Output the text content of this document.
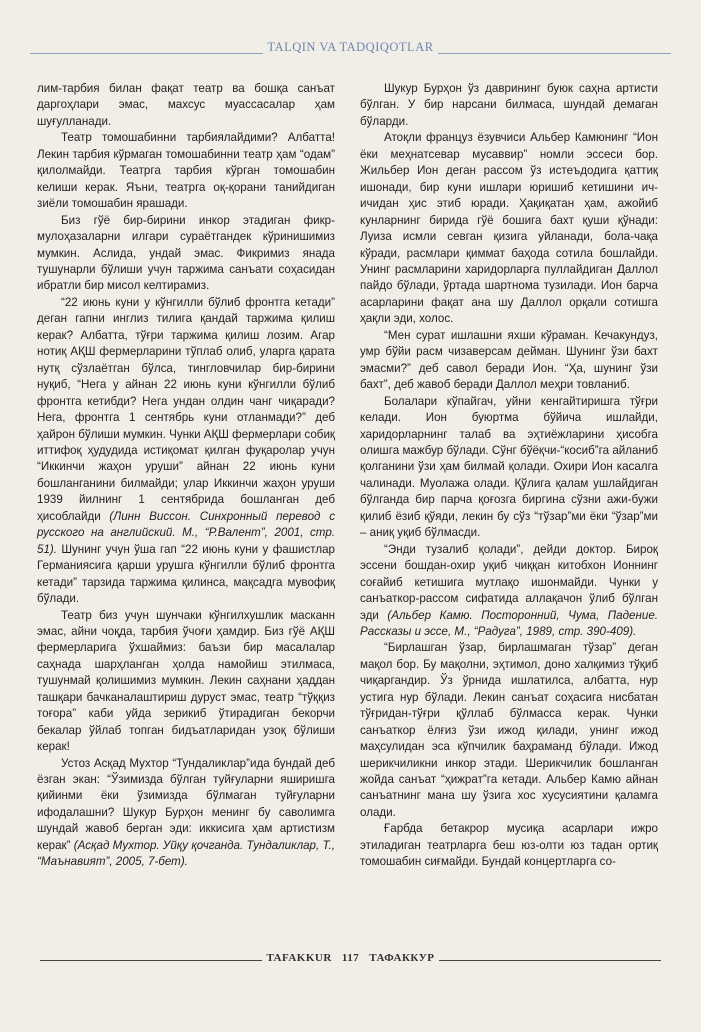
TALQIN VA TADQIQOTLAR

лим-тарбия билан фақат театр ва бошқа санъат даргоҳлари эмас, махсус муассасалар ҳам шуғулланади.

Театр томошабинни тарбиялайдими? Албатта! Лекин тарбия кўрмаган томошабинни театр ҳам “одам” қилолмайди. Театрга тарбия кўрган томошабин келиши керак. Яъни, театрга оқ-қорани танийдиган зиёли томошабин ярашади.

Биз гўё бир-бирини инкор этадиган фикр-мулоҳазаларни илгари сураётгандек кўринишимиз мумкин. Аслида, ундай эмас. Фикримиз янада тушунарли бўлиши учун таржима санъати соҳасидан ибратли бир мисол келтирамиз.

“22 июнь куни у кўнгилли бўлиб фронтга кетади” деган гапни инглиз тилига қандай таржима қилиш керак? Албатта, тўғри таржима қилиш лозим. Агар нотиқ АҚШ фермерларини тўплаб олиб, уларга қарата нутқ сўзлаётган бўлса, тингловчилар бир-бирини нуқиб, “Нега у айнан 22 июнь куни кўнгилли бўлиб фронтга кетибди? Нега ундан олдин чанг чиқаради? Нега, фронтга 1 сентябрь куни отланмади?” деб ҳайрон бўлиши мумкин. Чунки АҚШ фермерлари собиқ иттифоқ ҳудудида истиқомат қилган фуқаролар учун “Иккинчи жаҳон уруши” айнан 22 июнь куни бошланганини билмайди; улар Иккинчи жаҳон уруши 1939 йилнинг 1 сентябрида бошланган деб ҳисоблайди (Линн Виссон. Синхронный перевод с русского на английский. М., “Р.Валент”, 2001, стр. 51). Шунинг учун ўша гап “22 июнь куни у фашистлар Германиясига қарши урушга кўнгилли бўлиб фронтга кетади” тарзида таржима қилинса, мақсадга мувофиқ бўлади.

Театр биз учун шунчаки кўнгилхушлик масканн эмас, айни чоқда, тарбия ўчоғи ҳамдир. Биз гўё АҚШ фермерларига ўхшаймиз: баъзи бир масалалар саҳнада шарҳланган ҳолда намойиш этилмаса, тушунмай қолишимиз мумкин. Лекин саҳнани ҳаддан ташқари бачканалаштириш дуруст эмас, театр “тўққиз тоғора” каби уйда зерикиб ўтирадиган бекорчи бекалар ўйлаб топган бидъатларидан узоқ бўлиши керак!

Устоз Асқад Мухтор “Тундаликлар”ида бундай деб ёзган экан: “Ўзимизда бўлган туйғуларни яширишга қийинми ёки ўзимизда бўлмаган туйғуларни ифодалашни? Шукур Бурҳон менинг бу саволимга шундай жавоб берган эди: иккисига ҳам артистизм керак” (Асқад Мухтор. Уйқу қочганда. Тундаликлар, Т., “Маънавият”, 2005, 7-бет).

Шукур Бурҳон ўз даврининг буюк саҳна артисти бўлган. У бир нарсани билмаса, шундай демаган бўларди.

Атоқли француз ёзувчиси Альбер Камюнинг “Ион ёки меҳнатсевар мусаввир” номли эссеси бор. Жильбер Ион деган рассом ўз истеъдодига қаттиқ ишонади, бир куни ишлари юришиб кетишини ич-ичидан ҳис этиб юради. Ҳақиқатан ҳам, ажойиб кунларнинг бирида гўё бошига бахт қуши қўнади: Луиза исмли севган қизига уйланади, бола-чақа кўради, расмлари қиммат баҳода сотила бошлайди. Унинг расмларини харидорларга пуллайдиган Даллол пайдо бўлади, ўртада шартнома тузилади. Ион барча асарларини фақат ана шу Даллол орқали сотишга ҳақли эди, холос.

“Мен сурат ишлашни яхши кўраман. Кечакундуз, умр бўйи расм чизаверсам дейман. Шунинг ўзи бахт эмасми?” деб савол беради Ион. “Ҳа, шунинг ўзи бахт”, деб жавоб беради Даллол меҳри товланиб.

Болалари кўпайгач, уйни кенгайтиришга тўғри келади. Ион буюртма бўйича ишлайди, харидорларнинг талаб ва эҳтиёжларини ҳисобга олишга мажбур бўлади. Сўнг бўёқчи-“косиб”га айланиб қолганини ўзи ҳам билмай қолади. Охири Ион касалга чалинади. Муолажа олади. Қўлига қалам ушлайдиган бўлганда бир парча қоғозга биргина сўзни ажи-бужи қилиб ёзиб қўяди, лекин бу сўз “тўзар”ми ёки “ўзар”ми – аниқ уқиб бўлмасди.

“Энди тузалиб қолади”, дейди доктор. Бироқ эссени бошдан-охир уқиб чиққан китобхон Ионнинг соғайиб кетишига мутлақо ишонмайди. Чунки у санъаткор-рассом сифатида аллақачон ўлиб бўлган эди (Альбер Камю. Посторонний, Чума, Падение. Рассказы и эссе, М., “Радуга”, 1989, стр. 390-409).

“Бирлашган ўзар, бирлашмаган тўзар” деган мақол бор. Бу мақолни, эҳтимол, доно халқимиз тўқиб чиқаргандир. Ўз ўрнида ишлатилса, албатта, нур устига нур бўлади. Лекин санъат соҳасига нисбатан тўғридан-тўғри қўллаб бўлмасса керак. Чунки санъаткор ёлғиз ўзи ижод қилади, унинг ижод маҳсулидан эса кўпчилик баҳраманд бўлади. Ижод шерикчиликни инкор этади. Шерикчилик бошланган жойда санъат “ҳижрат”га кетади. Альбер Камю айнан санъатнинг мана шу ўзига хос хусусиятини қаламга олади.

Ғарбда бетакрор мусиқа асарлари ижро этиладиган театрларга беш юз-олти юз тадан ортиқ томошабин сиғмайди. Бундай концертларга со-

TAFAKKUR 117 ТАФАККУР
